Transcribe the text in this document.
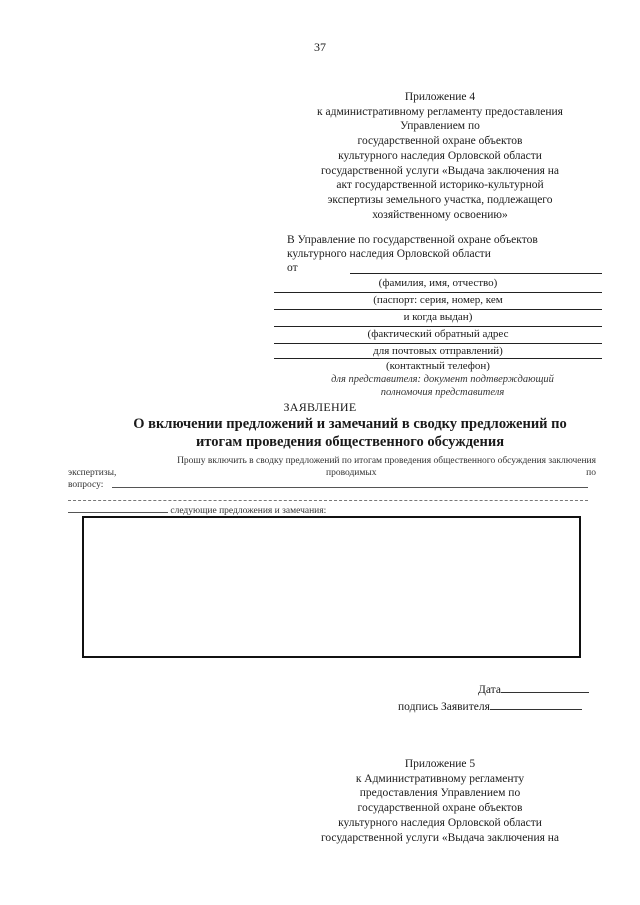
37
Приложение 4
к административному регламенту предоставления
Управлением по
государственной охране объектов
культурного наследия Орловской области
государственной услуги «Выдача заключения на
акт государственной историко-культурной
экспертизы земельного участка, подлежащего
хозяйственному освоению»
В Управление по государственной охране объектов
культурного наследия Орловской области
от
(фамилия, имя, отчество)
(паспорт: серия, номер, кем
и когда выдан)
(фактический обратный адрес
для почтовых отправлений)
(контактный телефон)
для представителя: документ подтверждающий
полномочия представителя
ЗАЯВЛЕНИЕ
О включении предложений и замечаний в сводку предложений по
итогам проведения общественного обсуждения
Прошу включить в сводку предложений по итогам проведения общественного обсуждения заключения
экспертизы,	проводимых	по
вопросу:
следующие предложения и замечания:
Дата
подпись Заявителя
Приложение 5
к Административному регламенту
предоставления Управлением по
государственной охране объектов
культурного наследия Орловской области
государственной услуги «Выдача заключения на
